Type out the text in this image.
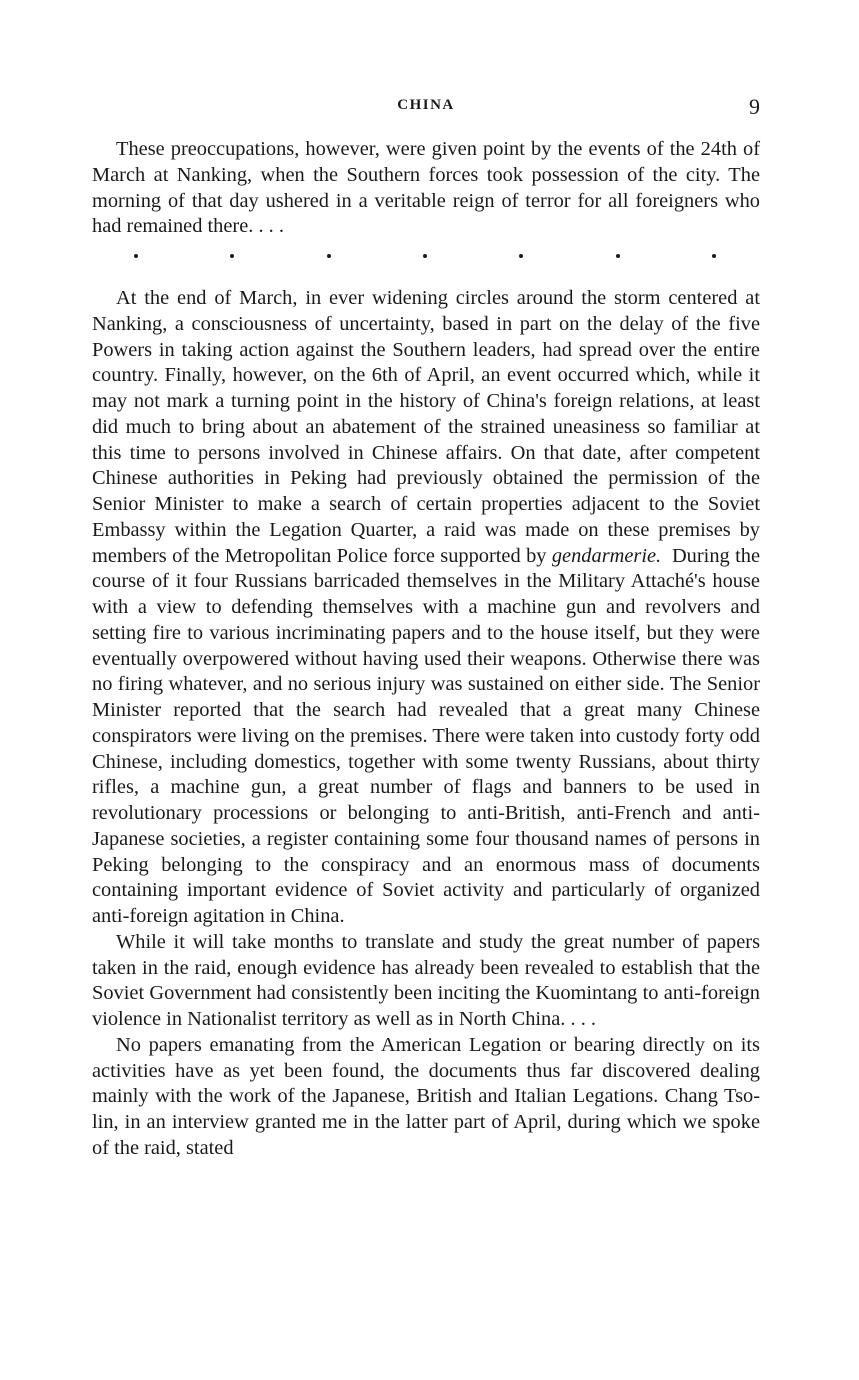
CHINA	9

These preoccupations, however, were given point by the events of the 24th of March at Nanking, when the Southern forces took possession of the city. The morning of that day ushered in a veritable reign of terror for all foreigners who had remained there. . . .

At the end of March, in ever widening circles around the storm centered at Nanking, a consciousness of uncertainty, based in part on the delay of the five Powers in taking action against the Southern leaders, had spread over the entire country. Finally, however, on the 6th of April, an event occurred which, while it may not mark a turning point in the history of China's foreign relations, at least did much to bring about an abatement of the strained uneasiness so familiar at this time to persons involved in Chinese affairs. On that date, after competent Chinese authorities in Peking had previously obtained the permission of the Senior Minister to make a search of certain properties adjacent to the Soviet Embassy within the Legation Quarter, a raid was made on these premises by members of the Metropolitan Police force supported by gendarmerie. During the course of it four Russians barricaded themselves in the Military Attaché's house with a view to defending themselves with a machine gun and revolvers and setting fire to various incriminating papers and to the house itself, but they were eventually overpowered without having used their weapons. Otherwise there was no firing whatever, and no serious injury was sustained on either side. The Senior Minister reported that the search had revealed that a great many Chinese conspirators were living on the premises. There were taken into custody forty odd Chinese, including domestics, together with some twenty Russians, about thirty rifles, a machine gun, a great number of flags and banners to be used in revolutionary processions or belonging to anti-British, anti-French and anti-Japanese societies, a register containing some four thousand names of persons in Peking belonging to the conspiracy and an enormous mass of documents containing important evidence of Soviet activity and particularly of organized anti-foreign agitation in China.

While it will take months to translate and study the great number of papers taken in the raid, enough evidence has already been revealed to establish that the Soviet Government had consistently been inciting the Kuomintang to anti-foreign violence in Nationalist territory as well as in North China. . . .

No papers emanating from the American Legation or bearing directly on its activities have as yet been found, the documents thus far discovered dealing mainly with the work of the Japanese, British and Italian Legations. Chang Tso-lin, in an interview granted me in the latter part of April, during which we spoke of the raid, stated
